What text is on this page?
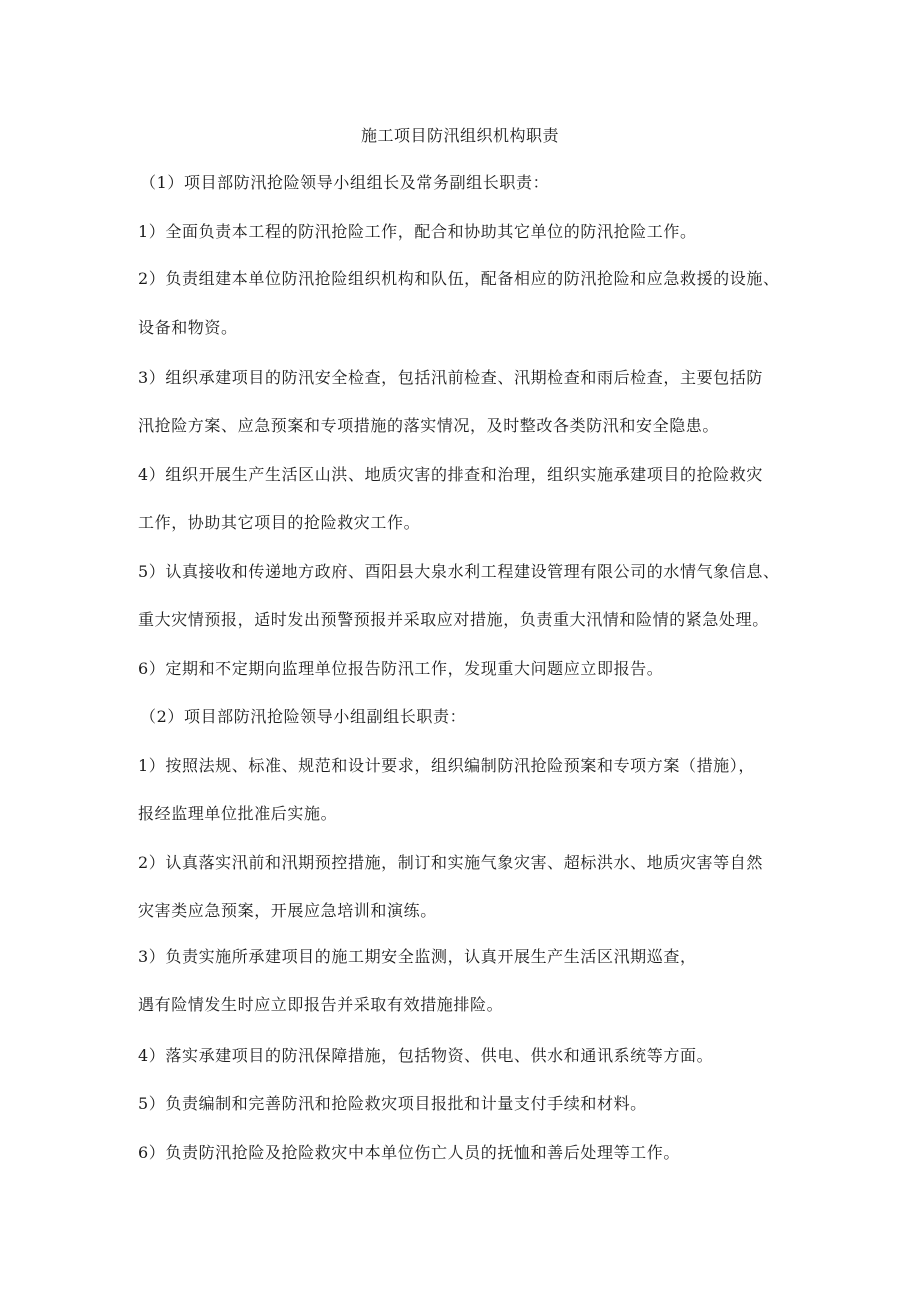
施工项目防汛组织机构职责
（1）项目部防汛抢险领导小组组长及常务副组长职责：
1）全面负责本工程的防汛抢险工作，配合和协助其它单位的防汛抢险工作。
2）负责组建本单位防汛抢险组织机构和队伍，配备相应的防汛抢险和应急救援的设施、
设备和物资。
3）组织承建项目的防汛安全检查，包括汛前检查、汛期检查和雨后检查，主要包括防
汛抢险方案、应急预案和专项措施的落实情况，及时整改各类防汛和安全隐患。
4）组织开展生产生活区山洪、地质灾害的排查和治理，组织实施承建项目的抢险救灾
工作，协助其它项目的抢险救灾工作。
5）认真接收和传递地方政府、酉阳县大泉水利工程建设管理有限公司的水情气象信息、
重大灾情预报，适时发出预警预报并采取应对措施，负责重大汛情和险情的紧急处理。
6）定期和不定期向监理单位报告防汛工作，发现重大问题应立即报告。
（2）项目部防汛抢险领导小组副组长职责：
1）按照法规、标准、规范和设计要求，组织编制防汛抢险预案和专项方案（措施），
报经监理单位批准后实施。
2）认真落实汛前和汛期预控措施，制订和实施气象灾害、超标洪水、地质灾害等自然
灾害类应急预案，开展应急培训和演练。
3）负责实施所承建项目的施工期安全监测，认真开展生产生活区汛期巡查，
遇有险情发生时应立即报告并采取有效措施排险。
4）落实承建项目的防汛保障措施，包括物资、供电、供水和通讯系统等方面。
5）负责编制和完善防汛和抢险救灾项目报批和计量支付手续和材料。
6）负责防汛抢险及抢险救灾中本单位伤亡人员的抚恤和善后处理等工作。
